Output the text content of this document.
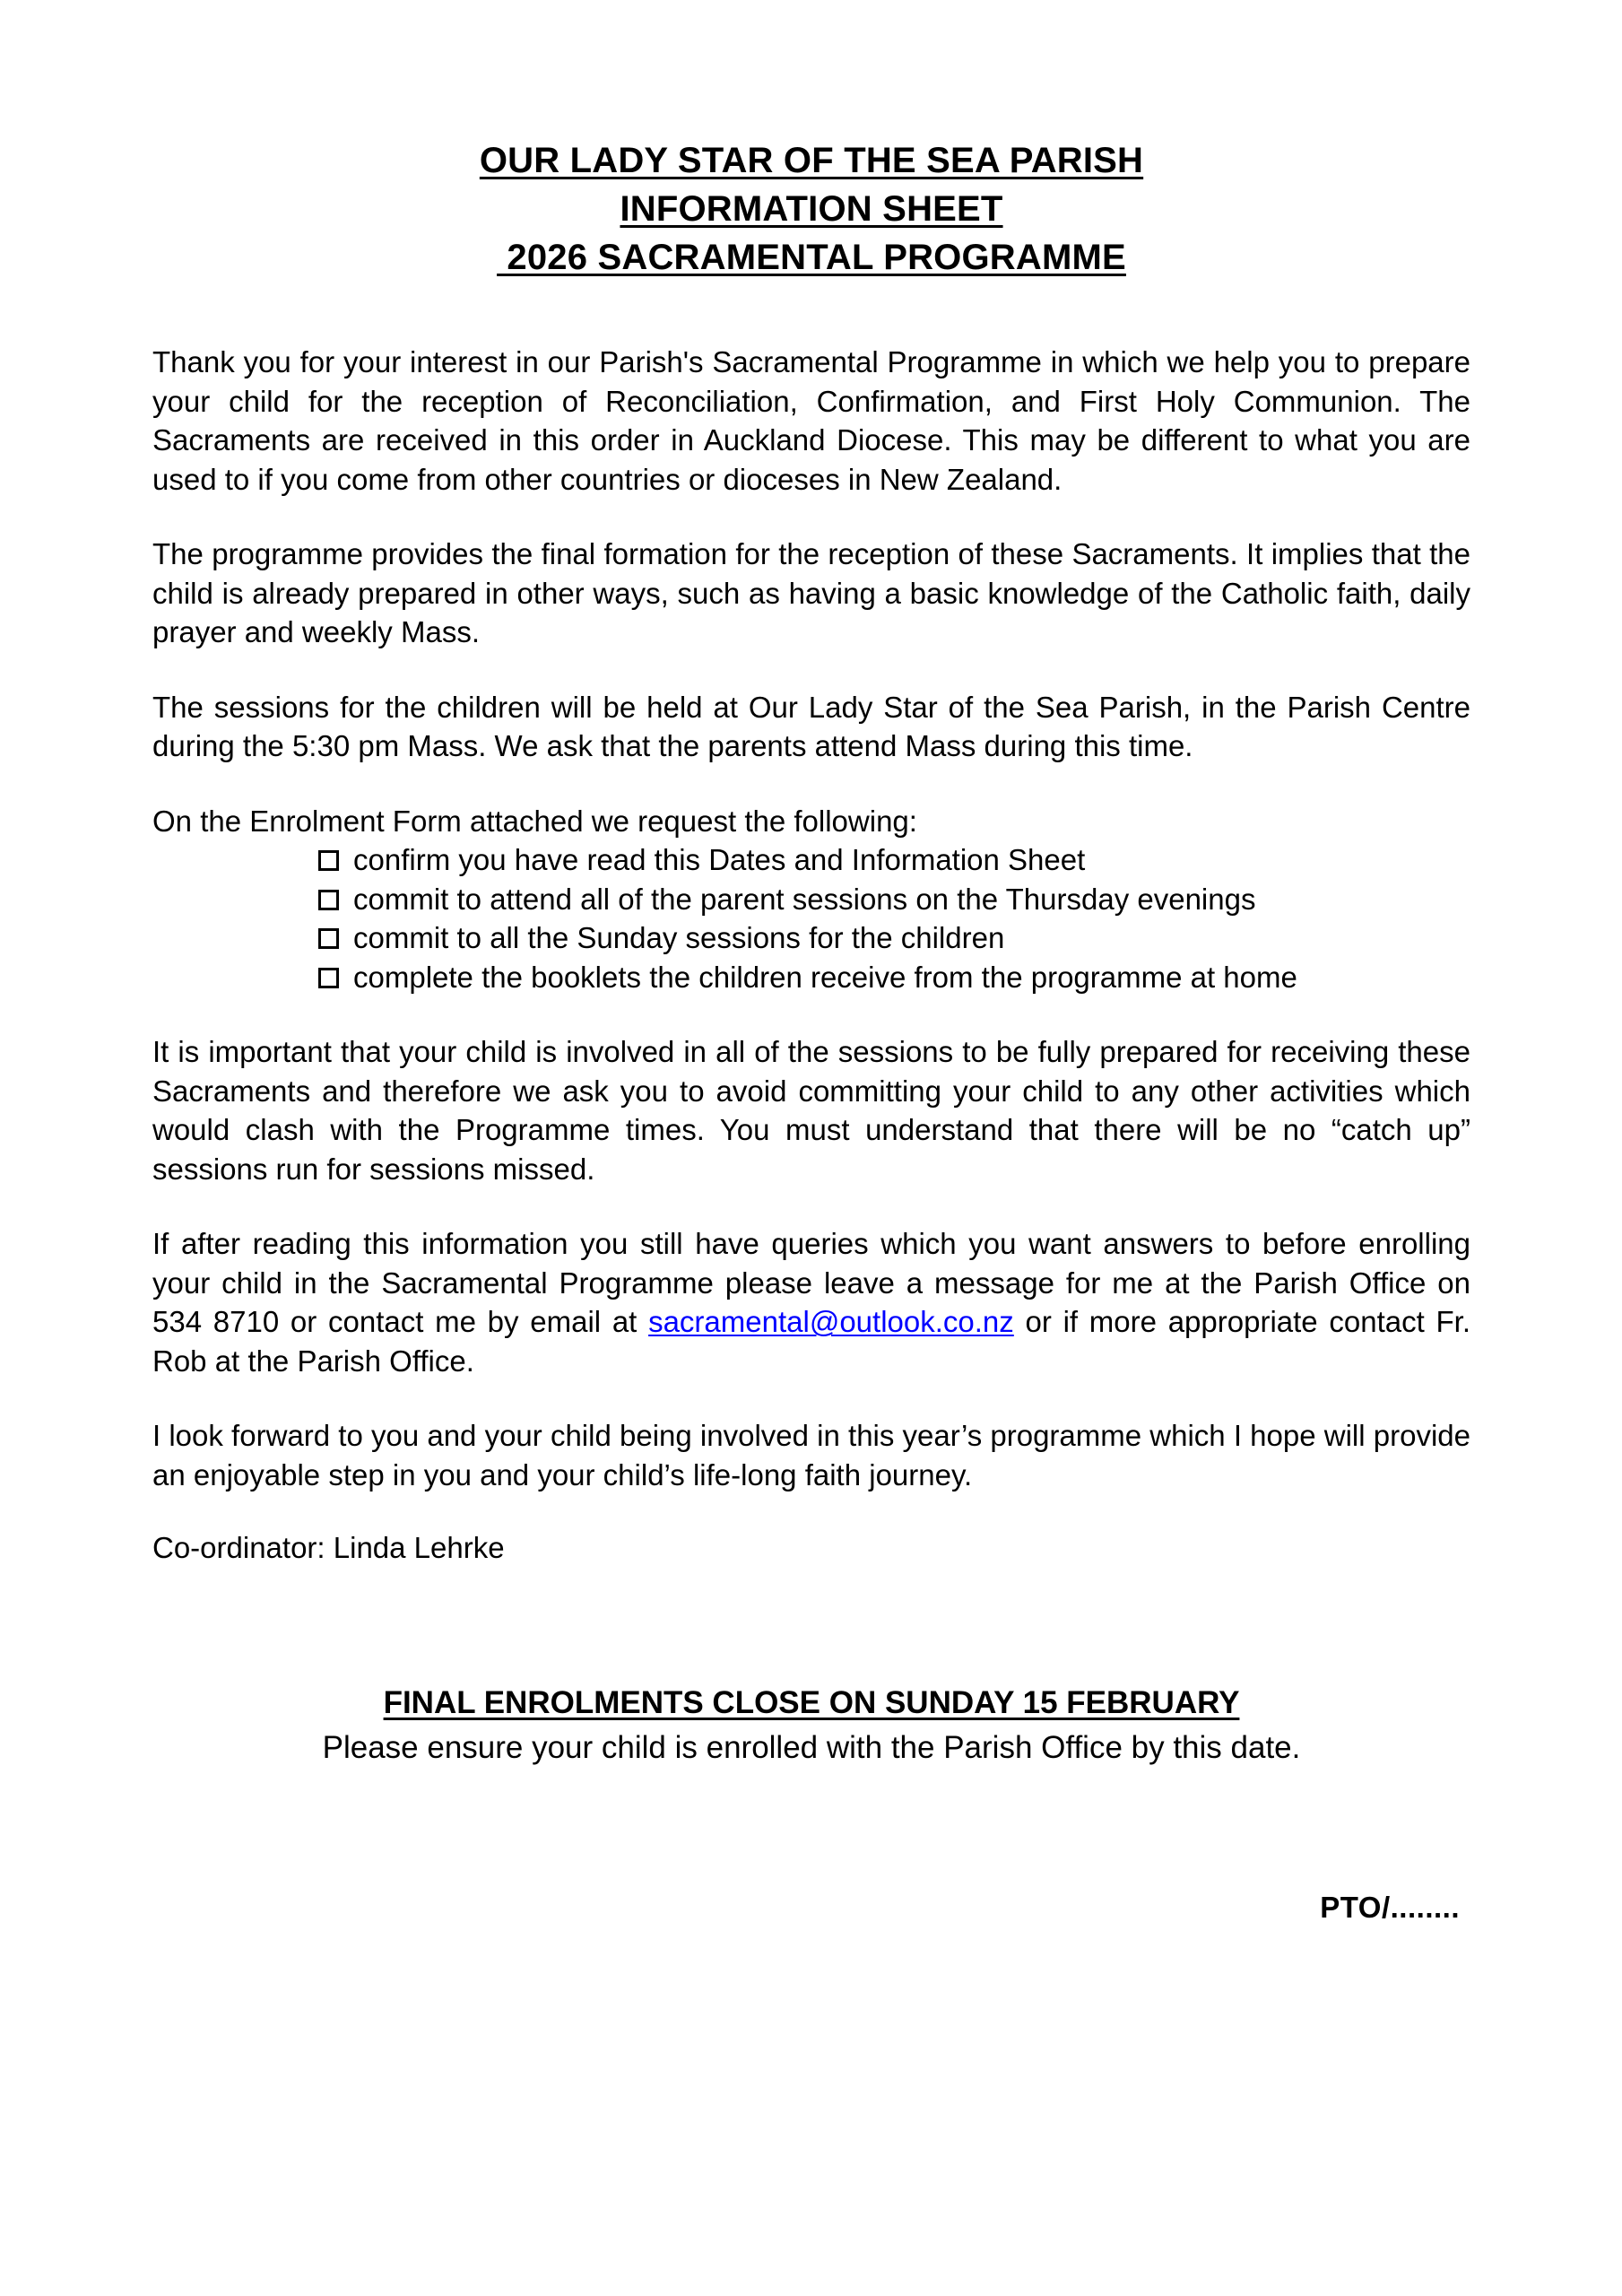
OUR LADY STAR OF THE SEA PARISH
INFORMATION SHEET
2026 SACRAMENTAL PROGRAMME

Thank you for your interest in our Parish's Sacramental Programme in which we help you to prepare your child for the reception of Reconciliation, Confirmation, and First Holy Communion. The Sacraments are received in this order in Auckland Diocese. This may be different to what you are used to if you come from other countries or dioceses in New Zealand.

The programme provides the final formation for the reception of these Sacraments. It implies that the child is already prepared in other ways, such as having a basic knowledge of the Catholic faith, daily prayer and weekly Mass.

The sessions for the children will be held at Our Lady Star of the Sea Parish, in the Parish Centre during the 5:30 pm Mass. We ask that the parents attend Mass during this time.

On the Enrolment Form attached we request the following:

confirm you have read this Dates and Information Sheet
commit to attend all of the parent sessions on the Thursday evenings
commit to all the Sunday sessions for the children
complete the booklets the children receive from the programme at home

It is important that your child is involved in all of the sessions to be fully prepared for receiving these Sacraments and therefore we ask you to avoid committing your child to any other activities which would clash with the Programme times. You must understand that there will be no “catch up” sessions run for sessions missed.

If after reading this information you still have queries which you want answers to before enrolling your child in the Sacramental Programme please leave a message for me at the Parish Office on 534 8710 or contact me by email at sacramental@outlook.co.nz or if more appropriate contact Fr. Rob at the Parish Office.

I look forward to you and your child being involved in this year’s programme which I hope will provide an enjoyable step in you and your child’s life-long faith journey.

Co-ordinator: Linda Lehrke

FINAL ENROLMENTS CLOSE ON SUNDAY 15 FEBRUARY
Please ensure your child is enrolled with the Parish Office by this date.
PTO/........
